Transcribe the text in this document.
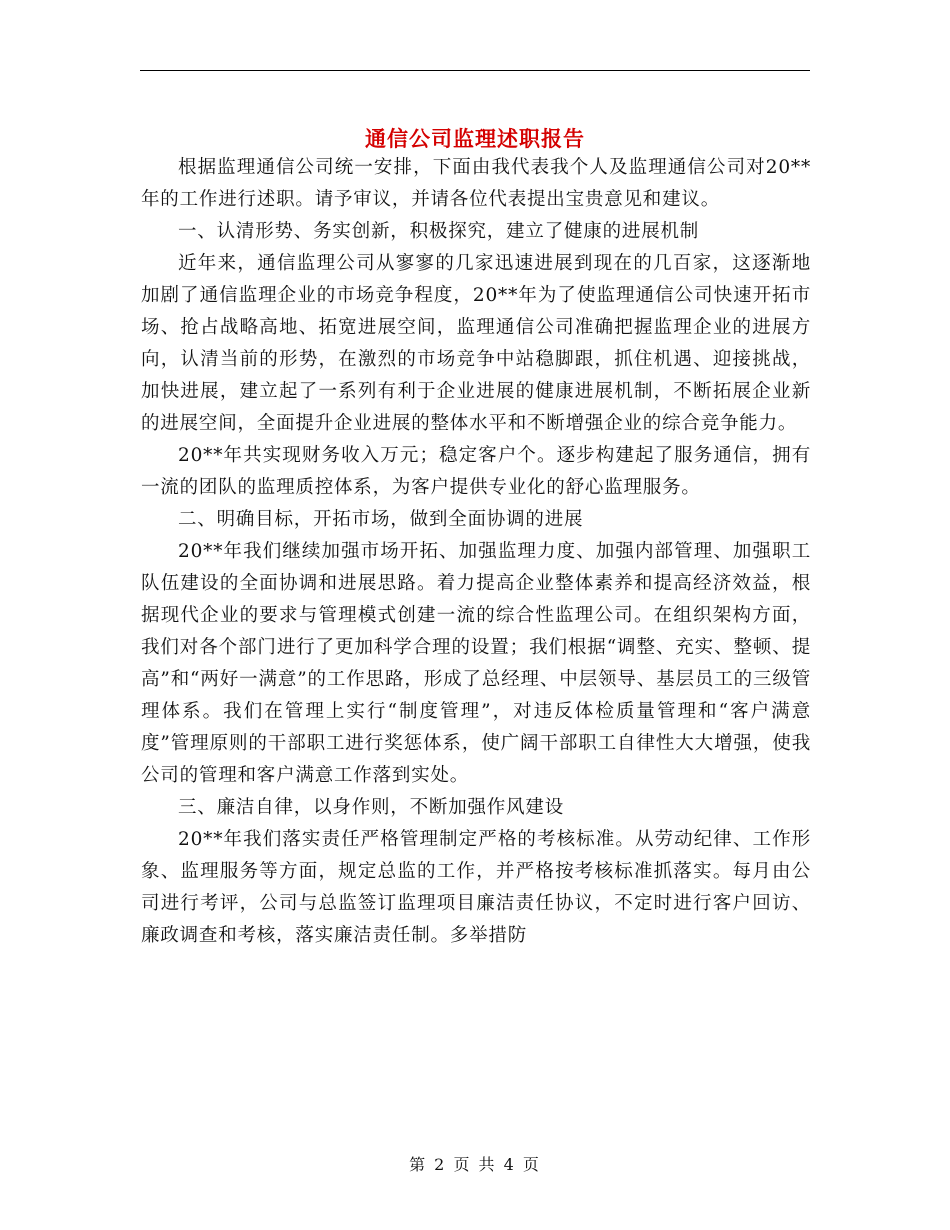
通信公司监理述职报告

根据监理通信公司统一安排，下面由我代表我个人及监理通信公司对20**年的工作进行述职。请予审议，并请各位代表提出宝贵意见和建议。

一、认清形势、务实创新，积极探究，建立了健康的进展机制

近年来，通信监理公司从寥寥的几家迅速进展到现在的几百家，这逐渐地加剧了通信监理企业的市场竞争程度，20**年为了使监理通信公司快速开拓市场、抢占战略高地、拓宽进展空间，监理通信公司准确把握监理企业的进展方向，认清当前的形势，在激烈的市场竞争中站稳脚跟，抓住机遇、迎接挑战，加快进展，建立起了一系列有利于企业进展的健康进展机制，不断拓展企业新的进展空间，全面提升企业进展的整体水平和不断增强企业的综合竞争能力。

20**年共实现财务收入万元；稳定客户个。逐步构建起了服务通信，拥有一流的团队的监理质控体系，为客户提供专业化的舒心监理服务。

二、明确目标，开拓市场，做到全面协调的进展

20**年我们继续加强市场开拓、加强监理力度、加强内部管理、加强职工队伍建设的全面协调和进展思路。着力提高企业整体素养和提高经济效益，根据现代企业的要求与管理模式创建一流的综合性监理公司。在组织架构方面，我们对各个部门进行了更加科学合理的设置；我们根据“调整、充实、整顿、提高”和“两好一满意”的工作思路，形成了总经理、中层领导、基层员工的三级管理体系。我们在管理上实行“制度管理”，对违反体检质量管理和“客户满意度”管理原则的干部职工进行奖惩体系，使广阔干部职工自律性大大增强，使我公司的管理和客户满意工作落到实处。

三、廉洁自律，以身作则，不断加强作风建设

20**年我们落实责任严格管理制定严格的考核标准。从劳动纪律、工作形象、监理服务等方面，规定总监的工作，并严格按考核标准抓落实。每月由公司进行考评，公司与总监签订监理项目廉洁责任协议，不定时进行客户回访、廉政调查和考核，落实廉洁责任制。多举措防

第 2 页 共 4 页
